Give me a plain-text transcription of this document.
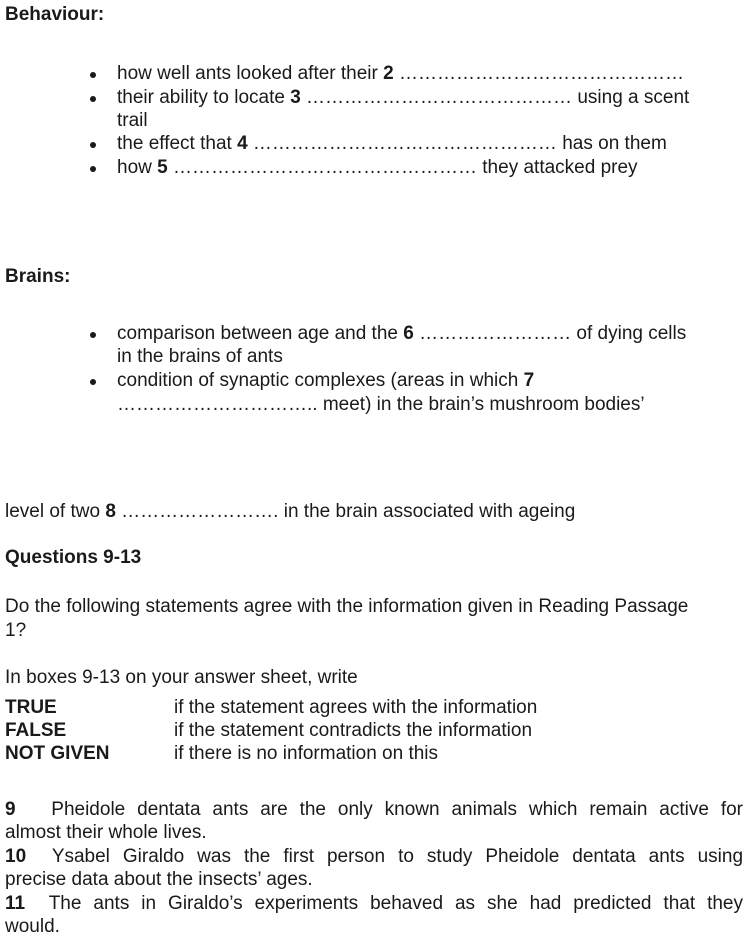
Behaviour:
how well ants looked after their 2 ………………………………………
their ability to locate 3 …………………………………… using a scent
trail
the effect that 4 ………………………………………… has on them
how 5 ………………………………………… they attacked prey
Brains:
comparison between age and the 6 …………………… of dying cells
in the brains of ants
condition of synaptic complexes (areas in which 7
………………………….. meet) in the brain’s mushroom bodies’
level of two 8 ……………………. in the brain associated with ageing
Questions 9-13
Do the following statements agree with the information given in Reading Passage
1?
In boxes 9-13 on your answer sheet, write
TRUE	if the statement agrees with the information
FALSE	if the statement contradicts the information
NOT GIVEN	if there is no information on this
9 Pheidole dentata ants are the only known animals which remain active for
almost their whole lives.
10 Ysabel Giraldo was the first person to study Pheidole dentata ants using
precise data about the insects’ ages.
11 The ants in Giraldo’s experiments behaved as she had predicted that they
would.
